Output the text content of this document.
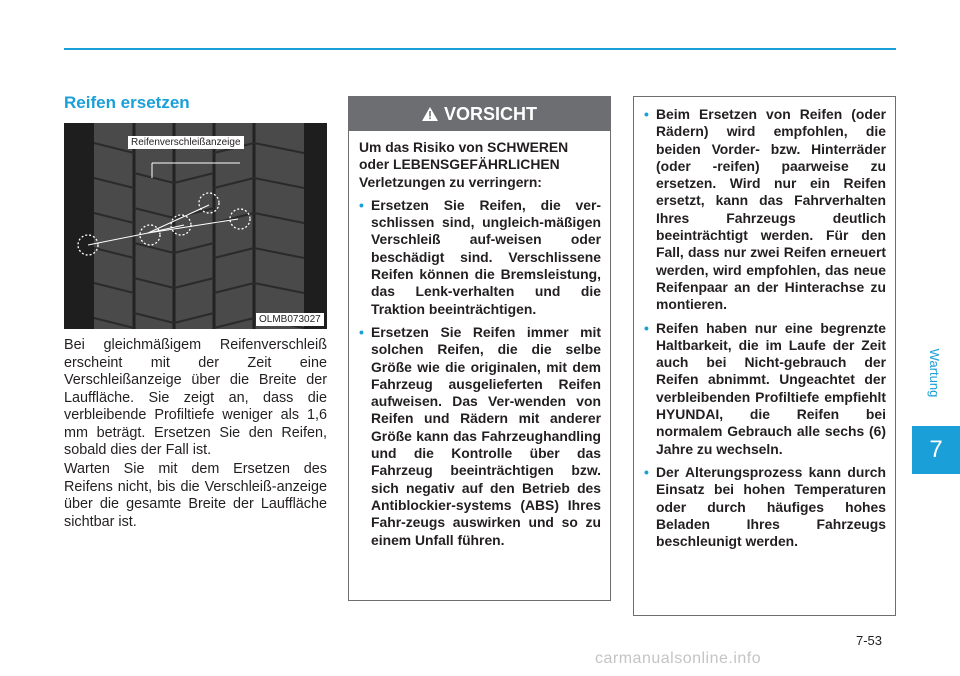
Reifen ersetzen
Reifenverschleißanzeige
OLMB073027
Bei gleichmäßigem Reifenverschleiß erscheint mit der Zeit eine Verschleißanzeige über die Breite der Lauffläche. Sie zeigt an, dass die verbleibende Profiltiefe weniger als 1,6 mm beträgt. Ersetzen Sie den Reifen, sobald dies der Fall ist.
Warten Sie mit dem Ersetzen des Reifens nicht, bis die Verschleiß-anzeige über die gesamte Breite der Lauffläche sichtbar ist.
VORSICHT
Um das Risiko von SCHWEREN oder LEBENSGEFÄHRLICHEN Verletzungen zu verringern:
• Ersetzen Sie Reifen, die ver-schlissen sind, ungleich-mäßigen Verschleiß auf-weisen oder beschädigt sind. Verschlissene Reifen können die Bremsleistung, das Lenk-verhalten und die Traktion beeinträchtigen.
• Ersetzen Sie Reifen immer mit solchen Reifen, die die selbe Größe wie die originalen, mit dem Fahrzeug ausgelieferten Reifen aufweisen. Das Ver-wenden von Reifen und Rädern mit anderer Größe kann das Fahrzeughandling und die Kontrolle über das Fahrzeug beeinträchtigen bzw. sich negativ auf den Betrieb des Antiblockier-systems (ABS) Ihres Fahr-zeugs auswirken und so zu einem Unfall führen.
• Beim Ersetzen von Reifen (oder Rädern) wird empfohlen, die beiden Vorder- bzw. Hinterräder (oder -reifen) paarweise zu ersetzen. Wird nur ein Reifen ersetzt, kann das Fahrverhalten Ihres Fahrzeugs deutlich beeinträchtigt werden. Für den Fall, dass nur zwei Reifen erneuert werden, wird empfohlen, das neue Reifenpaar an der Hinterachse zu montieren.
• Reifen haben nur eine begrenzte Haltbarkeit, die im Laufe der Zeit auch bei Nicht-gebrauch der Reifen abnimmt. Ungeachtet der verbleibenden Profiltiefe empfiehlt HYUNDAI, die Reifen bei normalem Gebrauch alle sechs (6) Jahre zu wechseln.
• Der Alterungsprozess kann durch Einsatz bei hohen Temperaturen oder durch häufiges hohes Beladen Ihres Fahrzeugs beschleunigt werden.
Wartung
7
7-53
carmanualsonline.info
